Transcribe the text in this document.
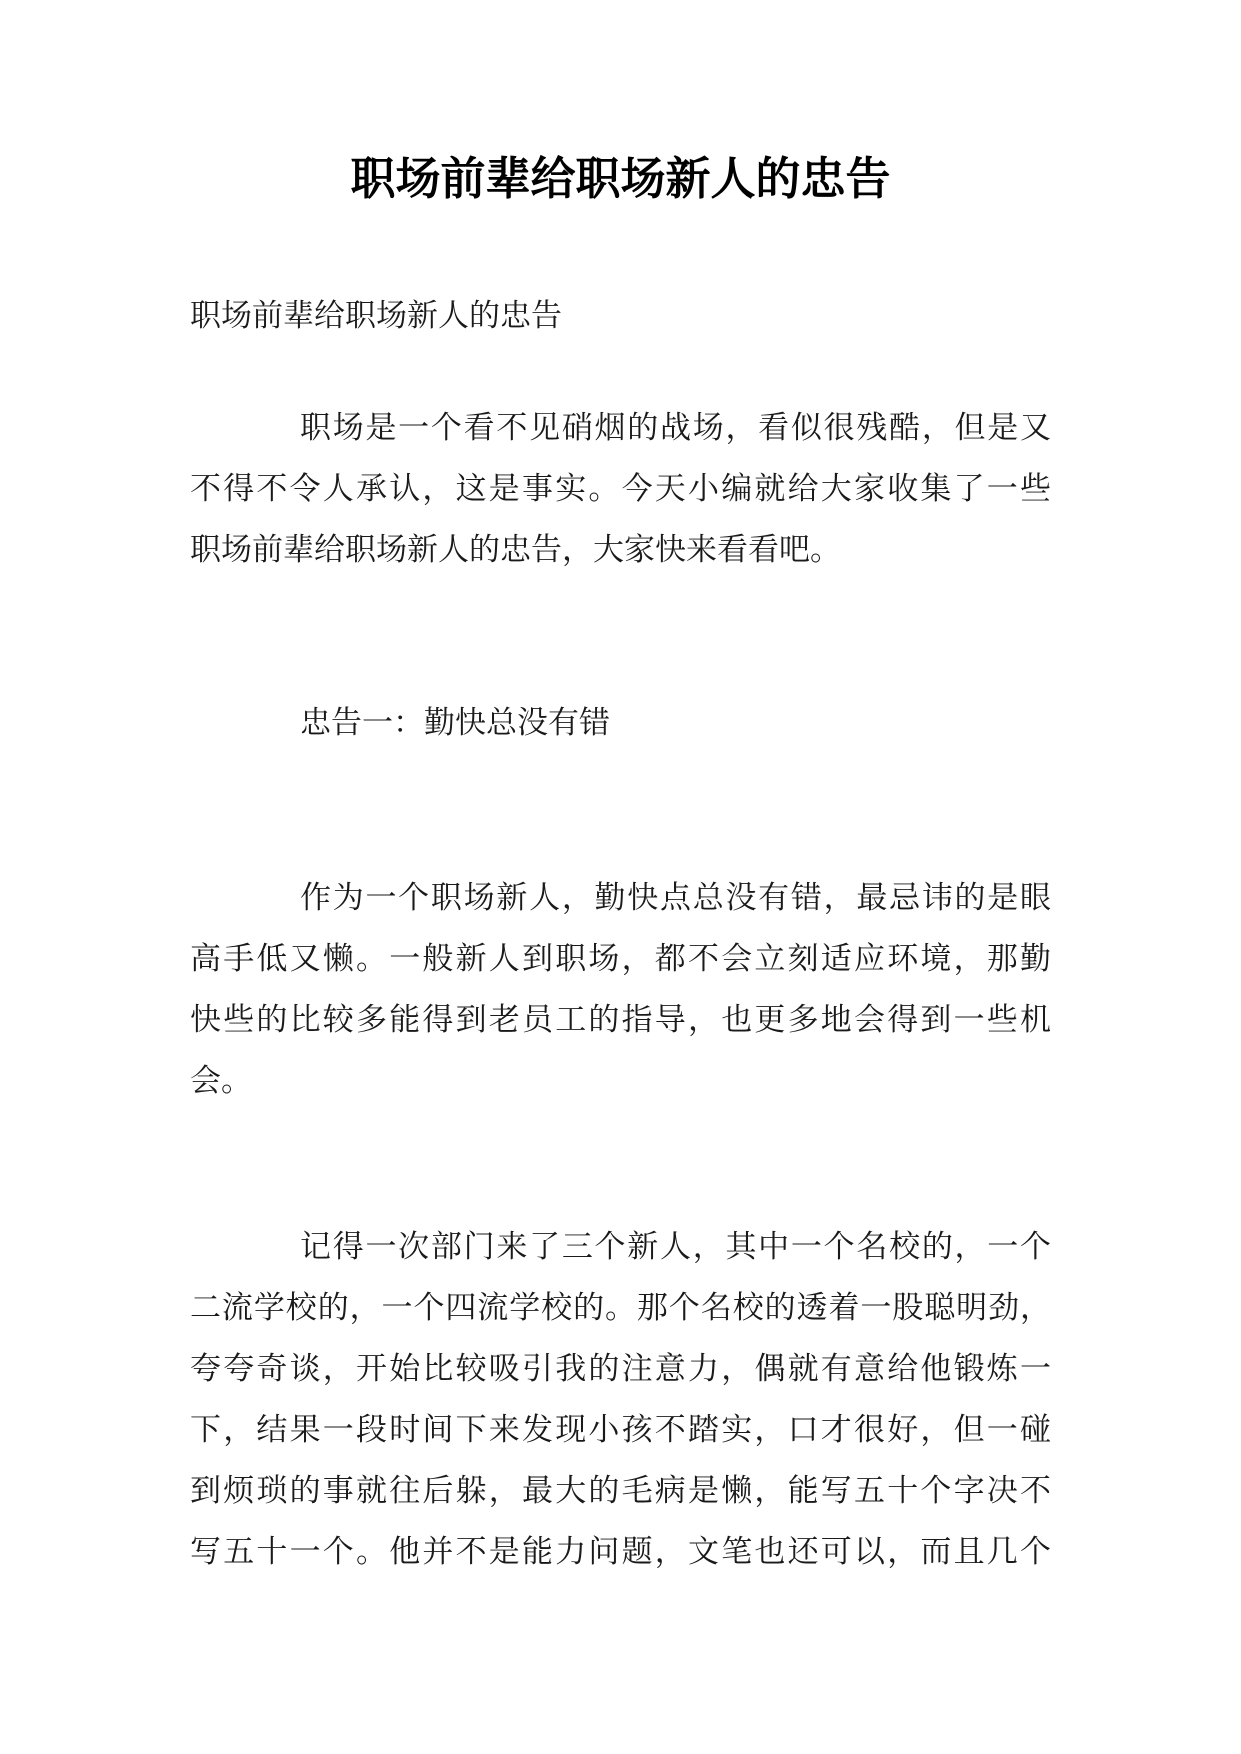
职场前辈给职场新人的忠告
职场前辈给职场新人的忠告
职场是一个看不见硝烟的战场，看似很残酷，但是又
不得不令人承认，这是事实。今天小编就给大家收集了一些
职场前辈给职场新人的忠告，大家快来看看吧。
忠告一：勤快总没有错
作为一个职场新人，勤快点总没有错，最忌讳的是眼
高手低又懒。一般新人到职场，都不会立刻适应环境，那勤
快些的比较多能得到老员工的指导，也更多地会得到一些机
会。
记得一次部门来了三个新人，其中一个名校的，一个
二流学校的，一个四流学校的。那个名校的透着一股聪明劲，
夸夸奇谈，开始比较吸引我的注意力，偶就有意给他锻炼一
下，结果一段时间下来发现小孩不踏实，口才很好，但一碰
到烦琐的事就往后躲，最大的毛病是懒，能写五十个字决不
写五十一个。他并不是能力问题，文笔也还可以，而且几个
